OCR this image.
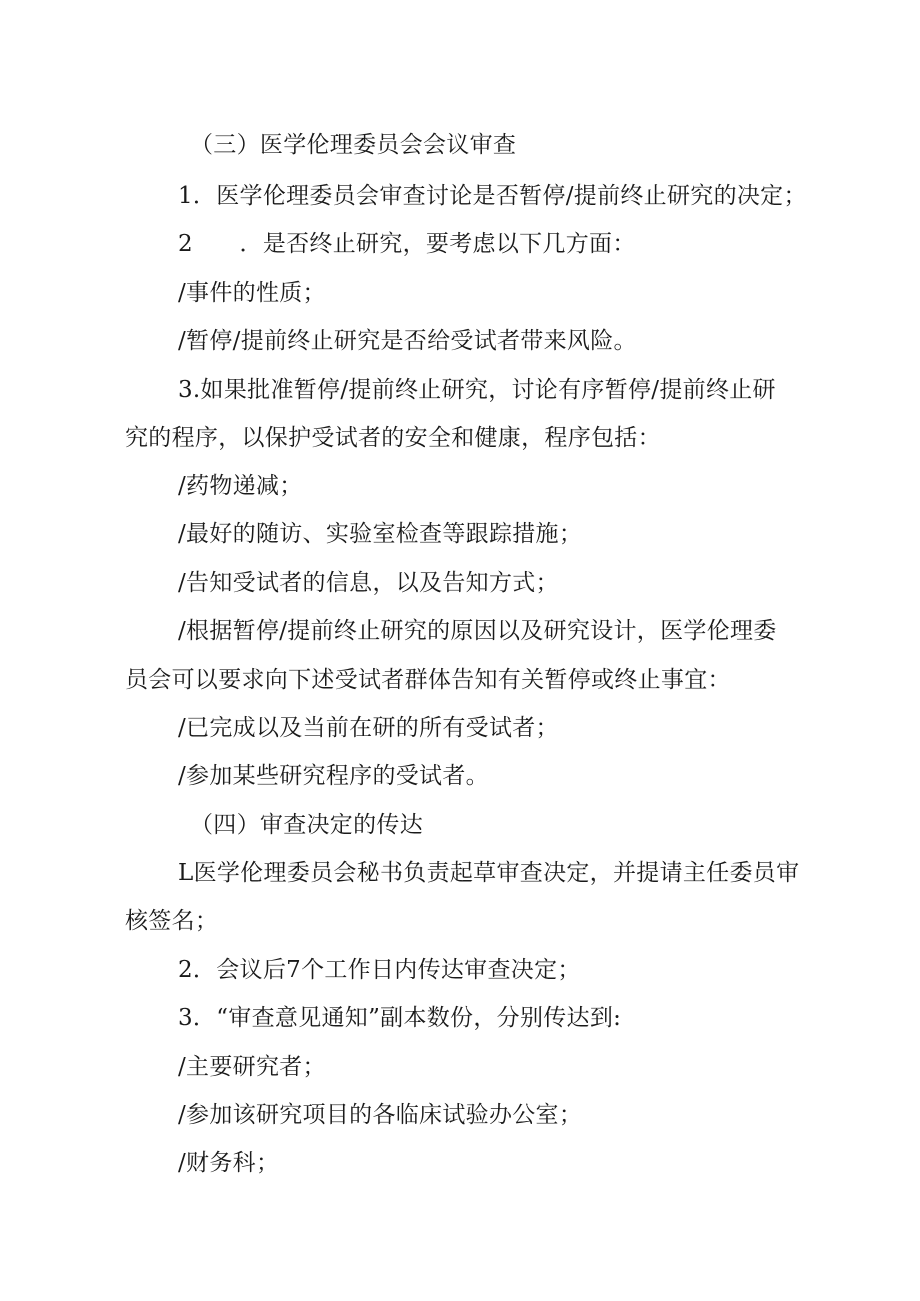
（三）医学伦理委员会会议审查
1．医学伦理委员会审查讨论是否暂停/提前终止研究的决定；
2　　．是否终止研究，要考虑以下几方面：
/事件的性质；
/暂停/提前终止研究是否给受试者带来风险。
3.如果批准暂停/提前终止研究，讨论有序暂停/提前终止研
究的程序，以保护受试者的安全和健康，程序包括：
/药物递减；
/最好的随访、实验室检查等跟踪措施；
/告知受试者的信息，以及告知方式；
/根据暂停/提前终止研究的原因以及研究设计，医学伦理委
员会可以要求向下述受试者群体告知有关暂停或终止事宜：
/已完成以及当前在研的所有受试者；
/参加某些研究程序的受试者。
（四）审查决定的传达
L医学伦理委员会秘书负责起草审查决定，并提请主任委员审
核签名；
2．会议后7个工作日内传达审查决定；
3．“审查意见通知”副本数份，分别传达到:
/主要研究者；
/参加该研究项目的各临床试验办公室；
/财务科；
